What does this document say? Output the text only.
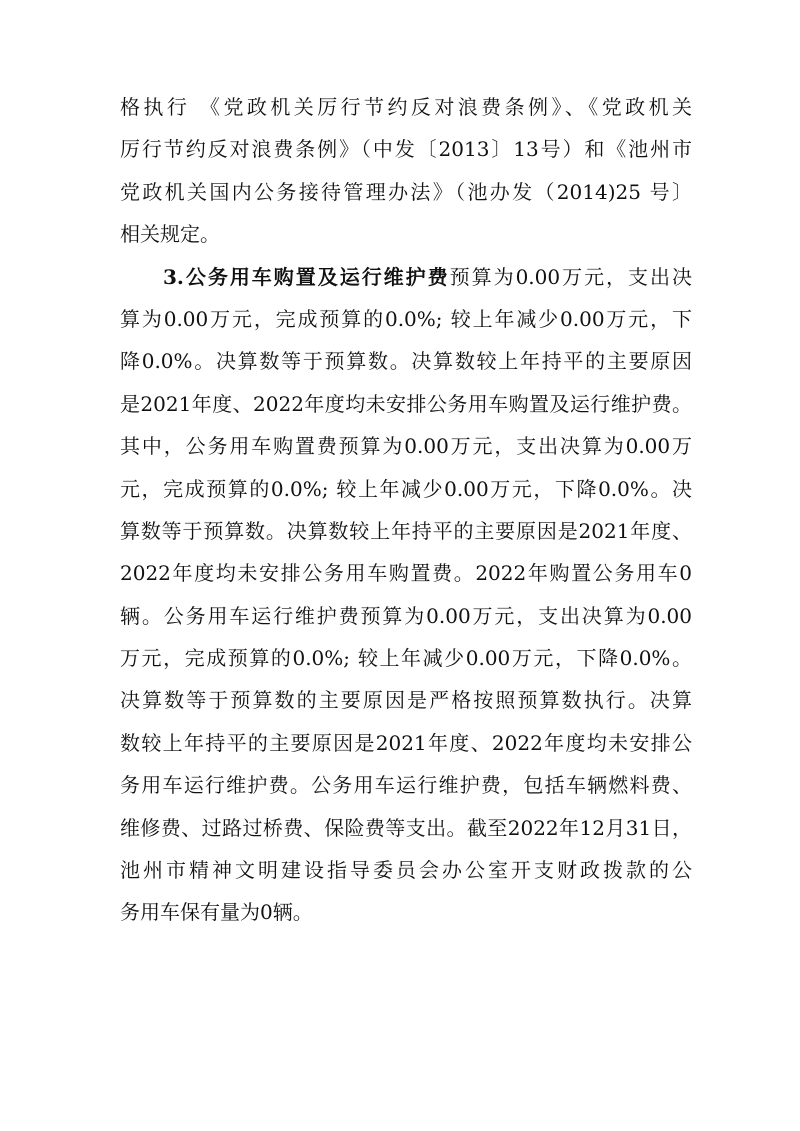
格执行 《党政机关厉行节约反对浪费条例》、《党政机关
厉行节约反对浪费条例》（中发〔2013〕13号）和《池州市
党政机关国内公务接待管理办法》（池办发（2014)25 号〕
相关规定。
3.公务用车购置及运行维护费预算为0.00万元，支出决
算为0.00万元，完成预算的0.0%; 较上年减少0.00万元，下
降0.0%。决算数等于预算数。决算数较上年持平的主要原因
是2021年度、2022年度均未安排公务用车购置及运行维护费。
其中，公务用车购置费预算为0.00万元，支出决算为0.00万
元，完成预算的0.0%; 较上年减少0.00万元，下降0.0%。决
算数等于预算数。决算数较上年持平的主要原因是2021年度、
2022年度均未安排公务用车购置费。2022年购置公务用车0
辆。公务用车运行维护费预算为0.00万元，支出决算为0.00
万元，完成预算的0.0%; 较上年减少0.00万元，下降0.0%。
决算数等于预算数的主要原因是严格按照预算数执行。决算
数较上年持平的主要原因是2021年度、2022年度均未安排公
务用车运行维护费。公务用车运行维护费，包括车辆燃料费、
维修费、过路过桥费、保险费等支出。截至2022年12月31日，
池州市精神文明建设指导委员会办公室开支财政拨款的公
务用车保有量为0辆。
